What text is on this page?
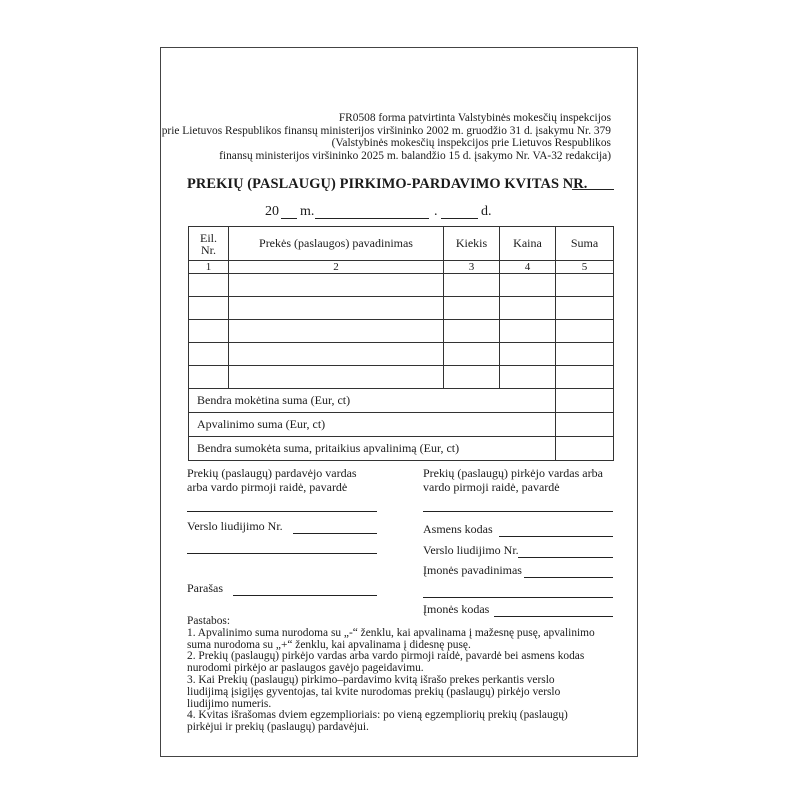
FR0508 forma patvirtinta Valstybinės mokesčių inspekcijos
prie Lietuvos Respublikos finansų ministerijos viršininko 2002 m. gruodžio 31 d. įsakymu Nr. 379
(Valstybinės mokesčių inspekcijos prie Lietuvos Respublikos
finansų ministerijos viršininko 2025 m. balandžio 15 d. įsakymo Nr. VA-32 redakcija)
PREKIŲ (PASLAUGŲ) PIRKIMO-PARDAVIMO KVITAS NR.
20 m.	.	d.
Eil.
Nr.	Prekės (paslaugos) pavadinimas	Kiekis	Kaina	Suma
1	2	3	4	5

Bendra mokėtina suma (Eur, ct)				
Apvalinimo suma (Eur, ct)				
Bendra sumokėta suma, pritaikius apvalinimą (Eur, ct)				
Prekių (paslaugų) pardavėjo vardas
arba vardo pirmoji raidė, pavardė
Verslo liudijimo Nr.
Parašas
Prekių (paslaugų) pirkėjo vardas arba
vardo pirmoji raidė, pavardė
Asmens kodas
Verslo liudijimo Nr.
Įmonės pavadinimas
Įmonės kodas
Pastabos:
1. Apvalinimo suma nurodoma su „-“ ženklu, kai apvalinama į mažesnę pusę, apvalinimo
suma nurodoma su „+“ ženklu, kai apvalinama į didesnę pusę.
2. Prekių (paslaugų) pirkėjo vardas arba vardo pirmoji raidė, pavardė bei asmens kodas
nurodomi pirkėjo ar paslaugos gavėjo pageidavimu.
3. Kai Prekių (paslaugų) pirkimo–pardavimo kvitą išrašo prekes perkantis verslo
liudijimą įsigijęs gyventojas, tai kvite nurodomas prekių (paslaugų) pirkėjo verslo
liudijimo numeris.
4. Kvitas išrašomas dviem egzemplioriais: po vieną egzempliorių prekių (paslaugų)
pirkėjui ir prekių (paslaugų) pardavėjui.
